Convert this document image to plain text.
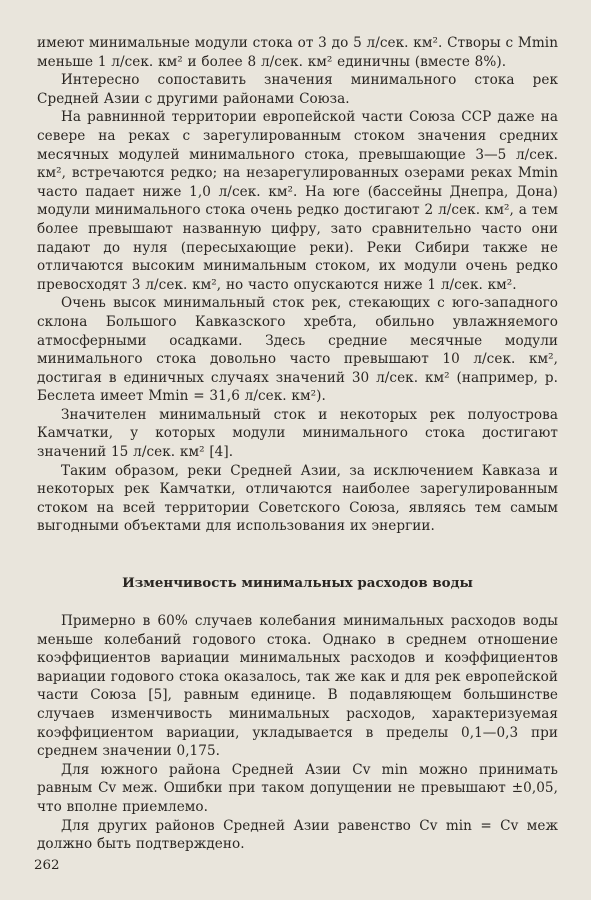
имеют минимальные модули стока от 3 до 5 л/сек. км². Створы с Mmin меньше 1 л/сек. км² и более 8 л/сек. км² единичны (вместе 8%).

Интересно сопоставить значения минимального стока рек Средней Азии с другими районами Союза.

На равнинной территории европейской части Союза ССР даже на севере на реках с зарегулированным стоком значения средних месячных модулей минимального стока, превышающие 3—5 л/сек. км², встречаются редко; на незарегулированных озерами реках Mmin часто падает ниже 1,0 л/сек. км². На юге (бассейны Днепра, Дона) модули минимального стока очень редко достигают 2 л/сек. км², а тем более превышают названную цифру, зато сравнительно часто они падают до нуля (пересыхающие реки). Реки Сибири также не отличаются высоким минимальным стоком, их модули очень редко превосходят 3 л/сек. км², но часто опускаются ниже 1 л/сек. км².

Очень высок минимальный сток рек, стекающих с юго-западного склона Большого Кавказского хребта, обильно увлажняемого атмосферными осадками. Здесь средние месячные модули минимального стока довольно часто превышают 10 л/сек. км², достигая в единичных случаях значений 30 л/сек. км² (например, р. Беслета имеет Mmin = 31,6 л/сек. км²).

Значителен минимальный сток и некоторых рек полуострова Камчатки, у которых модули минимального стока достигают значений 15 л/сек. км² [4].

Таким образом, реки Средней Азии, за исключением Кавказа и некоторых рек Камчатки, отличаются наиболее зарегулированным стоком на всей территории Советского Союза, являясь тем самым выгодными объектами для использования их энергии.

Изменчивость минимальных расходов воды

Примерно в 60% случаев колебания минимальных расходов воды меньше колебаний годового стока. Однако в среднем отношение коэффициентов вариации минимальных расходов и коэффициентов вариации годового стока оказалось, так же как и для рек европейской части Союза [5], равным единице. В подавляющем большинстве случаев изменчивость минимальных расходов, характеризуемая коэффициентом вариации, укладывается в пределы 0,1—0,3 при среднем значении 0,175.

Для южного района Средней Азии Cv min можно принимать равным Cv меж. Ошибки при таком допущении не превышают ±0,05, что вполне приемлемо.

Для других районов Средней Азии равенство Cv min = Cv меж должно быть подтверждено.

262
